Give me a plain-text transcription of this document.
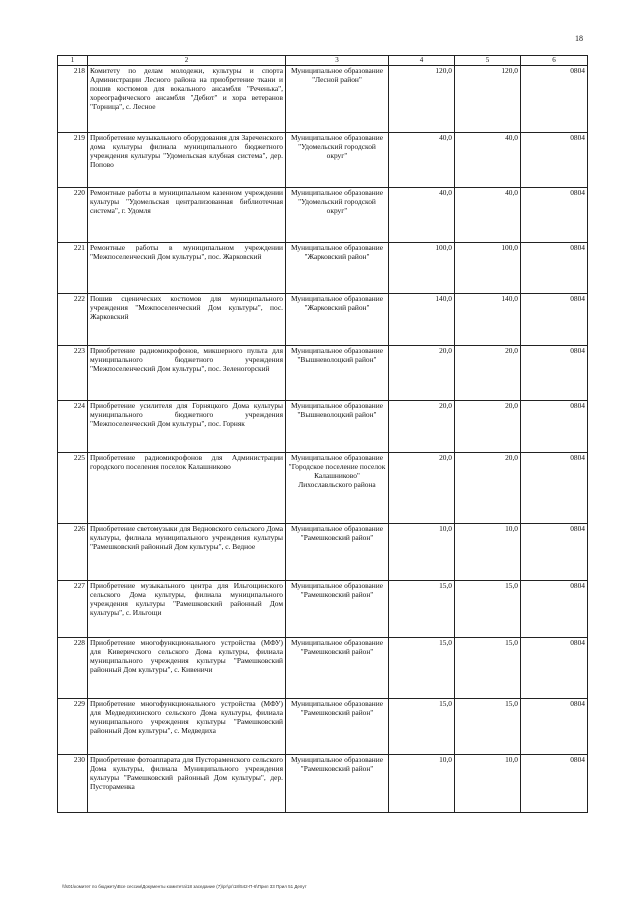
18
1	2	3	4	5	6
218	Комитету по делам молодежи, культуры и спорта Администрации Лесного района на приобретение ткани и пошив костюмов для вокального ансамбля "Реченька", хореографического ансамбля "Дебют" и хора ветеранов "Горница", с. Лесное	Муниципальное образование "Лесной район"	120,0	120,0	0804
219	Приобретение музыкального оборудования для Зареченского дома культуры филиала муниципального бюджетного учреждения культуры "Удомельская клубная система", дер. Попово	Муниципальное образование "Удомельский городской округ"	40,0	40,0	0804
220	Ремонтные работы в муниципальном казенном учреждении культуры "Удомельская централизованная библиотечная система", г. Удомля	Муниципальное образование "Удомельский городской округ"	40,0	40,0	0804
221	Ремонтные работы в муниципальном учреждении "Межпоселенческий Дом культуры", пос. Жарковский	Муниципальное образование "Жарковский район"	100,0	100,0	0804
222	Пошив сценических костюмов для муниципального учреждения "Межпоселенческий Дом культуры", пос. Жарковский	Муниципальное образование "Жарковский район"	140,0	140,0	0804
223	Приобретение радиомикрофонов, микшерного пульта для муниципального бюджетного учреждения "Межпоселенческий Дом культуры", пос. Зеленогорский	Муниципальное образование "Вышневолоцкий район"	20,0	20,0	0804
224	Приобретение усилителя для Горняцкого Дома культуры муниципального бюджетного учреждения "Межпоселенческий Дом культуры", пос. Горняк	Муниципальное образование "Вышневолоцкий район"	20,0	20,0	0804
225	Приобретение радиомикрофонов для Администрации городского поселения поселок Калашниково	Муниципальное образование "Городское поселение поселок Калашниково" Лихославльского района	20,0	20,0	0804
226	Приобретение светомузыки для Ведновского сельского Дома культуры, филиала муниципального учреждения культуры "Рамешковский районный Дом культуры", с. Ведное	Муниципальное образование "Рамешковский район"	10,0	10,0	0804
227	Приобретение музыкального центра для Ильгощинского сельского Дома культуры, филиала муниципального учреждения культуры "Рамешковский районный Дом культуры", с. Ильгощи	Муниципальное образование "Рамешковский район"	15,0	15,0	0804
228	Приобретение многофункционального устройства (МФУ) для Киверичского сельского Дома культуры, филиала муниципального учреждения культуры "Рамешковский районный Дом культуры", с. Кивеничи	Муниципальное образование "Рамешковский район"	15,0	15,0	0804
229	Приобретение многофункционального устройства (МФУ) для Медведихинского сельского Дома культуры, филиала муниципального учреждения культуры "Рамешковский районный Дом культуры", с. Медведиха	Муниципальное образование "Рамешковский район"	15,0	15,0	0804
230	Приобретение фотоаппарата для Пустораменского сельского Дома культуры, филиала Муниципального учреждения культуры "Рамешковский районный Дом культуры", дер. Пустораменка	Муниципальное образование "Рамешковский район"	10,0	10,0	0804
\\fs01\комитет по бюджету\Все сессии\Документы комитета\18 заседание (7)\рг\рг\18\542-П-6\Прил 33 Прил 51 Депут
